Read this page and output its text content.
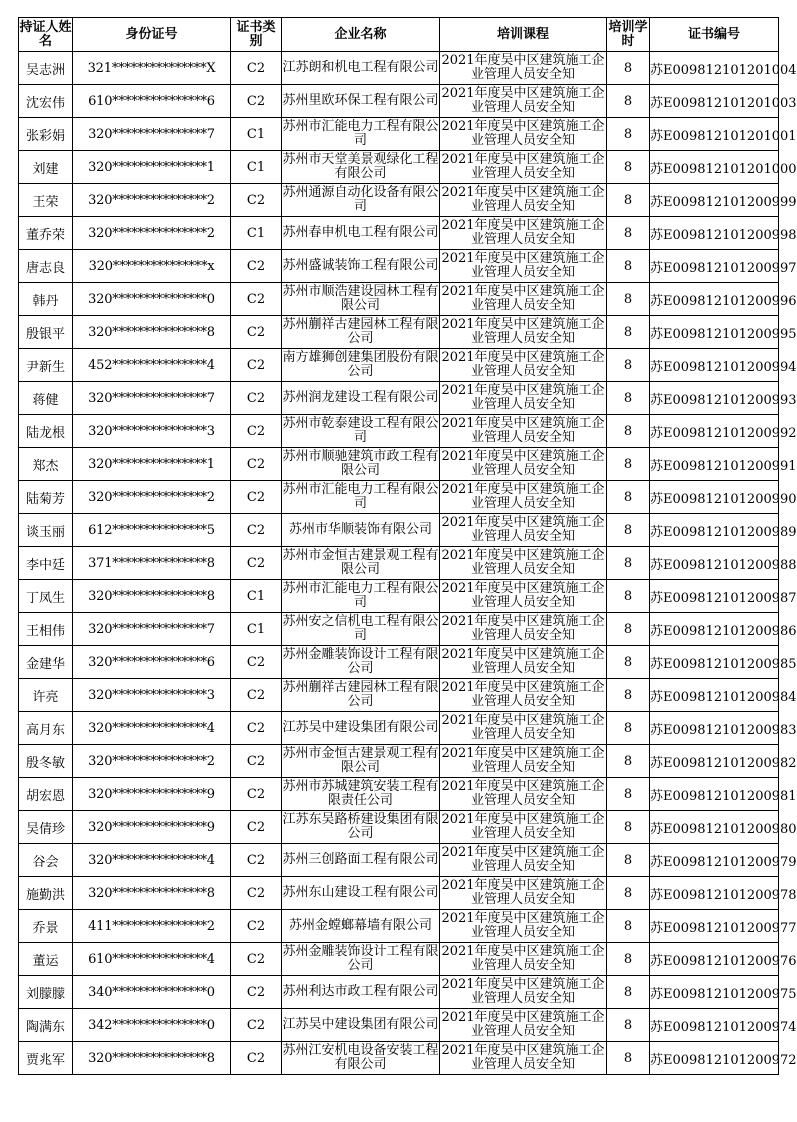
持证人姓名	身份证号	证书类别	企业名称	培训课程	培训学时	证书编号
吴志洲	321***************X	C2	江苏朗和机电工程有限公司	2021年度吴中区建筑施工企业管理人员安全知	8	苏E009812101201004
沈宏伟	610***************6	C2	苏州里欧环保工程有限公司	2021年度吴中区建筑施工企业管理人员安全知	8	苏E009812101201003
张彩娟	320***************7	C1	苏州市汇能电力工程有限公司	2021年度吴中区建筑施工企业管理人员安全知	8	苏E009812101201001
刘建	320***************1	C1	苏州市天堂美景观绿化工程有限公司	2021年度吴中区建筑施工企业管理人员安全知	8	苏E009812101201000
王荣	320***************2	C2	苏州通源自动化设备有限公司	2021年度吴中区建筑施工企业管理人员安全知	8	苏E009812101200999
董乔荣	320***************2	C1	苏州春申机电工程有限公司	2021年度吴中区建筑施工企业管理人员安全知	8	苏E009812101200998
唐志良	320***************x	C2	苏州盛诚装饰工程有限公司	2021年度吴中区建筑施工企业管理人员安全知	8	苏E009812101200997
韩丹	320***************0	C2	苏州市顺浩建设园林工程有限公司	2021年度吴中区建筑施工企业管理人员安全知	8	苏E009812101200996
殷银平	320***************8	C2	苏州蒯祥古建园林工程有限公司	2021年度吴中区建筑施工企业管理人员安全知	8	苏E009812101200995
尹新生	452***************4	C2	南方雄狮创建集团股份有限公司	2021年度吴中区建筑施工企业管理人员安全知	8	苏E009812101200994
蒋健	320***************7	C2	苏州润龙建设工程有限公司	2021年度吴中区建筑施工企业管理人员安全知	8	苏E009812101200993
陆龙根	320***************3	C2	苏州市乾泰建设工程有限公司	2021年度吴中区建筑施工企业管理人员安全知	8	苏E009812101200992
郑杰	320***************1	C2	苏州市顺驰建筑市政工程有限公司	2021年度吴中区建筑施工企业管理人员安全知	8	苏E009812101200991
陆菊芳	320***************2	C2	苏州市汇能电力工程有限公司	2021年度吴中区建筑施工企业管理人员安全知	8	苏E009812101200990
谈玉丽	612***************5	C2	苏州市华顺装饰有限公司	2021年度吴中区建筑施工企业管理人员安全知	8	苏E009812101200989
李中廷	371***************8	C2	苏州市金恒古建景观工程有限公司	2021年度吴中区建筑施工企业管理人员安全知	8	苏E009812101200988
丁凤生	320***************8	C1	苏州市汇能电力工程有限公司	2021年度吴中区建筑施工企业管理人员安全知	8	苏E009812101200987
王相伟	320***************7	C1	苏州安之信机电工程有限公司	2021年度吴中区建筑施工企业管理人员安全知	8	苏E009812101200986
金建华	320***************6	C2	苏州金雕装饰设计工程有限公司	2021年度吴中区建筑施工企业管理人员安全知	8	苏E009812101200985
许亮	320***************3	C2	苏州蒯祥古建园林工程有限公司	2021年度吴中区建筑施工企业管理人员安全知	8	苏E009812101200984
高月东	320***************4	C2	江苏吴中建设集团有限公司	2021年度吴中区建筑施工企业管理人员安全知	8	苏E009812101200983
殷冬敏	320***************2	C2	苏州市金恒古建景观工程有限公司	2021年度吴中区建筑施工企业管理人员安全知	8	苏E009812101200982
胡宏恩	320***************9	C2	苏州市苏城建筑安装工程有限责任公司	2021年度吴中区建筑施工企业管理人员安全知	8	苏E009812101200981
吴倩珍	320***************9	C2	江苏东吴路桥建设集团有限公司	2021年度吴中区建筑施工企业管理人员安全知	8	苏E009812101200980
谷会	320***************4	C2	苏州三创路面工程有限公司	2021年度吴中区建筑施工企业管理人员安全知	8	苏E009812101200979
施勤洪	320***************8	C2	苏州东山建设工程有限公司	2021年度吴中区建筑施工企业管理人员安全知	8	苏E009812101200978
乔景	411***************2	C2	苏州金螳螂幕墙有限公司	2021年度吴中区建筑施工企业管理人员安全知	8	苏E009812101200977
董运	610***************4	C2	苏州金雕装饰设计工程有限公司	2021年度吴中区建筑施工企业管理人员安全知	8	苏E009812101200976
刘朦朦	340***************0	C2	苏州利达市政工程有限公司	2021年度吴中区建筑施工企业管理人员安全知	8	苏E009812101200975
陶满东	342***************0	C2	江苏吴中建设集团有限公司	2021年度吴中区建筑施工企业管理人员安全知	8	苏E009812101200974
贾兆军	320***************8	C2	苏州江安机电设备安装工程有限公司	2021年度吴中区建筑施工企业管理人员安全知	8	苏E009812101200972
